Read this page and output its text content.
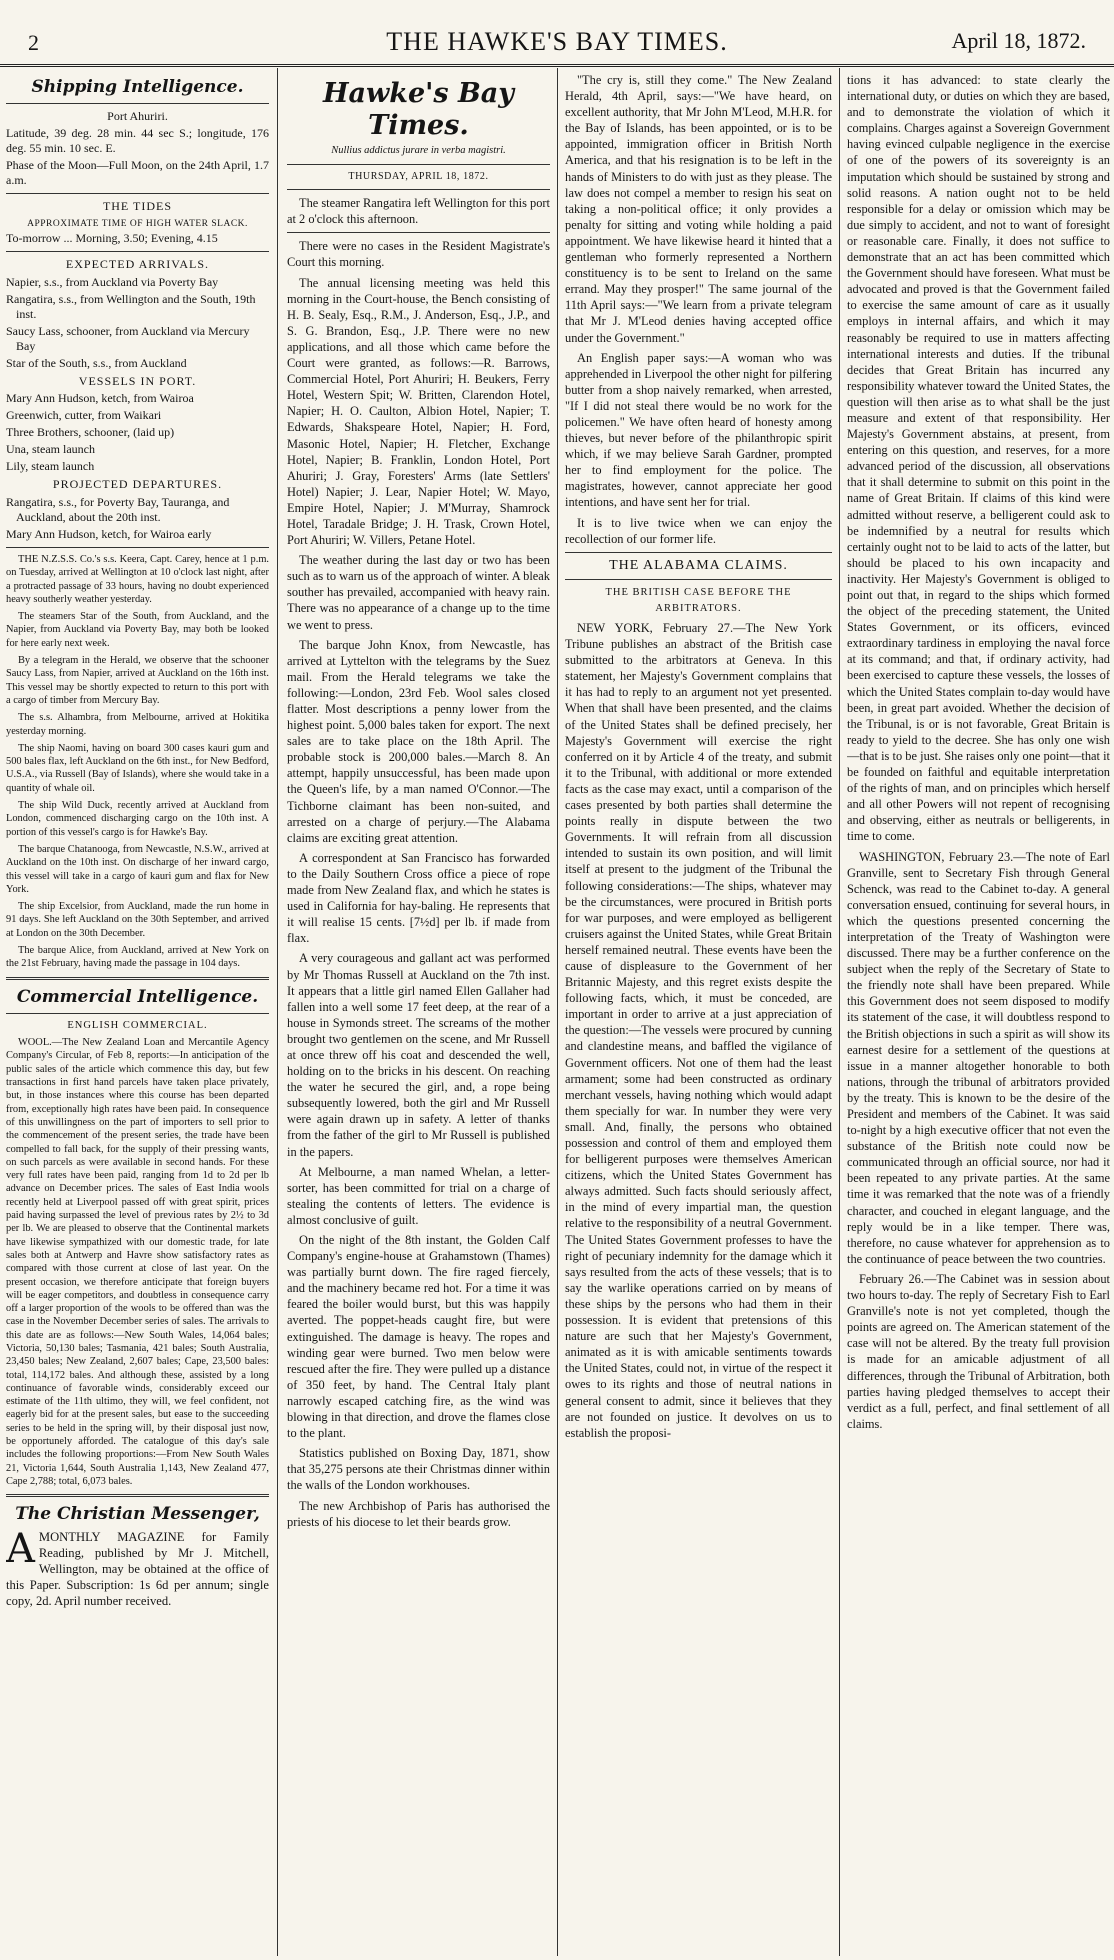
2	THE HAWKE'S BAY TIMES.	April 18, 1872.
Shipping Intelligence.

Port Ahuriri.

Latitude, 39 deg. 28 min. 44 sec S.; longitude, 176 deg. 55 min. 10 sec. E.

Phase of the Moon—Full Moon, on the 24th April, 1.7 a.m.

THE TIDES
APPROXIMATE TIME OF HIGH WATER SLACK.

To-morrow ... Morning, 3.50; Evening, 4.15

EXPECTED ARRIVALS.

Napier, s.s., from Auckland via Poverty Bay

Rangatira, s.s., from Wellington and the South, 19th inst.

Saucy Lass, schooner, from Auckland via Mercury Bay

Star of the South, s.s., from Auckland

VESSELS IN PORT.

Mary Ann Hudson, ketch, from Wairoa

Greenwich, cutter, from Waikari

Three Brothers, schooner, (laid up)

Una, steam launch

Lily, steam launch

PROJECTED DEPARTURES.

Rangatira, s.s., for Poverty Bay, Tauranga, and Auckland, about the 20th inst.

Mary Ann Hudson, ketch, for Wairoa early

THE N.Z.S.S. Co.'s s.s. Keera, Capt. Carey, hence at 1 p.m. on Tuesday, arrived at Wellington at 10 o'clock last night, after a protracted passage of 33 hours, having no doubt experienced heavy southerly weather yesterday.

The steamers Star of the South, from Auckland, and the Napier, from Auckland via Poverty Bay, may both be looked for here early next week.

By a telegram in the Herald, we observe that the schooner Saucy Lass, from Napier, arrived at Auckland on the 16th inst. This vessel may be shortly expected to return to this port with a cargo of timber from Mercury Bay.

The s.s. Alhambra, from Melbourne, arrived at Hokitika yesterday morning.

The ship Naomi, having on board 300 cases kauri gum and 500 bales flax, left Auckland on the 6th inst., for New Bedford, U.S.A., via Russell (Bay of Islands), where she would take in a quantity of whale oil.

The ship Wild Duck, recently arrived at Auckland from London, commenced discharging cargo on the 10th inst. A portion of this vessel's cargo is for Hawke's Bay.

The barque Chatanooga, from Newcastle, N.S.W., arrived at Auckland on the 10th inst. On discharge of her inward cargo, this vessel will take in a cargo of kauri gum and flax for New York.

The ship Excelsior, from Auckland, made the run home in 91 days. She left Auckland on the 30th September, and arrived at London on the 30th December.

The barque Alice, from Auckland, arrived at New York on the 21st February, having made the passage in 104 days.

Commercial Intelligence.
ENGLISH COMMERCIAL.

WOOL.—The New Zealand Loan and Mercantile Agency Company's Circular, of Feb 8, reports:—In anticipation of the public sales of the article which commence this day, but few transactions in first hand parcels have taken place privately, but, in those instances where this course has been departed from, exceptionally high rates have been paid. In consequence of this unwillingness on the part of importers to sell prior to the commencement of the present series, the trade have been compelled to fall back, for the supply of their pressing wants, on such parcels as were available in second hands. For these very full rates have been paid, ranging from 1d to 2d per lb advance on December prices. The sales of East India wools recently held at Liverpool passed off with great spirit, prices paid having surpassed the level of previous rates by 2½ to 3d per lb. We are pleased to observe that the Continental markets have likewise sympathized with our domestic trade, for late sales both at Antwerp and Havre show satisfactory rates as compared with those current at close of last year. On the present occasion, we therefore anticipate that foreign buyers will be eager competitors, and doubtless in consequence carry off a larger proportion of the wools to be offered than was the case in the November December series of sales. The arrivals to this date are as follows:—New South Wales, 14,064 bales; Victoria, 50,130 bales; Tasmania, 421 bales; South Australia, 23,450 bales; New Zealand, 2,607 bales; Cape, 23,500 bales: total, 114,172 bales. And although these, assisted by a long continuance of favorable winds, considerably exceed our estimate of the 11th ultimo, they will, we feel confident, not eagerly bid for at the present sales, but ease to the succeeding series to be held in the spring will, by their disposal just now, be opportunely afforded. The catalogue of this day's sale includes the following proportions:—From New South Wales 21, Victoria 1,644, South Australia 1,143, New Zealand 477, Cape 2,788; total, 6,073 bales.

The Christian Messenger,
A MONTHLY MAGAZINE for Family Reading, published by Mr J. Mitchell, Wellington, may be obtained at the office of this Paper. Subscription: 1s 6d per annum; single copy, 2d. April number received.

Hawke's Bay Times.
Nullius addictus jurare in verba magistri.
THURSDAY, APRIL 18, 1872.

The steamer Rangatira left Wellington for this port at 2 o'clock this afternoon.

There were no cases in the Resident Magistrate's Court this morning.

The annual licensing meeting was held this morning in the Court-house, the Bench consisting of H. B. Sealy, Esq., R.M., J. Anderson, Esq., J.P., and S. G. Brandon, Esq., J.P. There were no new applications, and all those which came before the Court were granted, as follows:—R. Barrows, Commercial Hotel, Port Ahuriri; H. Beukers, Ferry Hotel, Western Spit; W. Britten, Clarendon Hotel, Napier; H. O. Caulton, Albion Hotel, Napier; T. Edwards, Shakspeare Hotel, Napier; H. Ford, Masonic Hotel, Napier; H. Fletcher, Exchange Hotel, Napier; B. Franklin, London Hotel, Port Ahuriri; J. Gray, Foresters' Arms (late Settlers' Hotel) Napier; J. Lear, Napier Hotel; W. Mayo, Empire Hotel, Napier; J. M'Murray, Shamrock Hotel, Taradale Bridge; J. H. Trask, Crown Hotel, Port Ahuriri; W. Villers, Petane Hotel.

The weather during the last day or two has been such as to warn us of the approach of winter. A bleak souther has prevailed, accompanied with heavy rain. There was no appearance of a change up to the time we went to press.

The barque John Knox, from Newcastle, has arrived at Lyttelton with the telegrams by the Suez mail. From the Herald telegrams we take the following:—London, 23rd Feb. Wool sales closed flatter. Most descriptions a penny lower from the highest point. 5,000 bales taken for export. The next sales are to take place on the 18th April. The probable stock is 200,000 bales.—March 8. An attempt, happily unsuccessful, has been made upon the Queen's life, by a man named O'Connor.—The Tichborne claimant has been non-suited, and arrested on a charge of perjury.—The Alabama claims are exciting great attention.

A correspondent at San Francisco has forwarded to the Daily Southern Cross office a piece of rope made from New Zealand flax, and which he states is used in California for hay-baling. He represents that it will realise 15 cents. [7½d] per lb. if made from flax.

A very courageous and gallant act was performed by Mr Thomas Russell at Auckland on the 7th inst. It appears that a little girl named Ellen Gallaher had fallen into a well some 17 feet deep, at the rear of a house in Symonds street. The screams of the mother brought two gentlemen on the scene, and Mr Russell at once threw off his coat and descended the well, holding on to the bricks in his descent. On reaching the water he secured the girl, and, a rope being subsequently lowered, both the girl and Mr Russell were again drawn up in safety. A letter of thanks from the father of the girl to Mr Russell is published in the papers.

At Melbourne, a man named Whelan, a letter-sorter, has been committed for trial on a charge of stealing the contents of letters. The evidence is almost conclusive of guilt.

On the night of the 8th instant, the Golden Calf Company's engine-house at Grahamstown (Thames) was partially burnt down. The fire raged fiercely, and the machinery became red hot. For a time it was feared the boiler would burst, but this was happily averted. The poppet-heads caught fire, but were extinguished. The damage is heavy. The ropes and winding gear were burned. Two men below were rescued after the fire. They were pulled up a distance of 350 feet, by hand. The Central Italy plant narrowly escaped catching fire, as the wind was blowing in that direction, and drove the flames close to the plant.

Statistics published on Boxing Day, 1871, show that 35,275 persons ate their Christmas dinner within the walls of the London workhouses.

The new Archbishop of Paris has authorised the priests of his diocese to let their beards grow.

"The cry is, still they come." The New Zealand Herald, 4th April, says:—"We have heard, on excellent authority, that Mr John M'Leod, M.H.R. for the Bay of Islands, has been appointed, or is to be appointed, immigration officer in British North America, and that his resignation is to be left in the hands of Ministers to do with just as they please. The law does not compel a member to resign his seat on taking a non-political office; it only provides a penalty for sitting and voting while holding a paid appointment. We have likewise heard it hinted that a gentleman who formerly represented a Northern constituency is to be sent to Ireland on the same errand. May they prosper!" The same journal of the 11th April says:—"We learn from a private telegram that Mr J. M'Leod denies having accepted office under the Government."

An English paper says:—A woman who was apprehended in Liverpool the other night for pilfering butter from a shop naively remarked, when arrested, "If I did not steal there would be no work for the policemen." We have often heard of honesty among thieves, but never before of the philanthropic spirit which, if we may believe Sarah Gardner, prompted her to find employment for the police. The magistrates, however, cannot appreciate her good intentions, and have sent her for trial.

It is to live twice when we can enjoy the recollection of our former life.

THE ALABAMA CLAIMS.
THE BRITISH CASE BEFORE THE ARBITRATORS.

NEW YORK, February 27.—The New York Tribune publishes an abstract of the British case submitted to the arbitrators at Geneva. In this statement, her Majesty's Government complains that it has had to reply to an argument not yet presented. When that shall have been presented, and the claims of the United States shall be defined precisely, her Majesty's Government will exercise the right conferred on it by Article 4 of the treaty, and submit it to the Tribunal, with additional or more extended facts as the case may exact, until a comparison of the cases presented by both parties shall determine the points really in dispute between the two Governments. It will refrain from all discussion intended to sustain its own position, and will limit itself at present to the judgment of the Tribunal the following considerations:—The ships, whatever may be the circumstances, were procured in British ports for war purposes, and were employed as belligerent cruisers against the United States, while Great Britain herself remained neutral. These events have been the cause of displeasure to the Government of her Britannic Majesty, and this regret exists despite the following facts, which, it must be conceded, are important in order to arrive at a just appreciation of the question:—The vessels were procured by cunning and clandestine means, and baffled the vigilance of Government officers. Not one of them had the least armament; some had been constructed as ordinary merchant vessels, having nothing which would adapt them specially for war. In number they were very small. And, finally, the persons who obtained possession and control of them and employed them for belligerent purposes were themselves American citizens, which the United States Government has always admitted. Such facts should seriously affect, in the mind of every impartial man, the question relative to the responsibility of a neutral Government. The United States Government professes to have the right of pecuniary indemnity for the damage which it says resulted from the acts of these vessels; that is to say the warlike operations carried on by means of these ships by the persons who had them in their possession. It is evident that pretensions of this nature are such that her Majesty's Government, animated as it is with amicable sentiments towards the United States, could not, in virtue of the respect it owes to its rights and those of neutral nations in general consent to admit, since it believes that they are not founded on justice. It devolves on us to establish the proposi-

tions it has advanced: to state clearly the international duty, or duties on which they are based, and to demonstrate the violation of which it complains. Charges against a Sovereign Government having evinced culpable negligence in the exercise of one of the powers of its sovereignty is an imputation which should be sustained by strong and solid reasons. A nation ought not to be held responsible for a delay or omission which may be due simply to accident, and not to want of foresight or reasonable care. Finally, it does not suffice to demonstrate that an act has been committed which the Government should have foreseen. What must be advocated and proved is that the Government failed to exercise the same amount of care as it usually employs in internal affairs, and which it may reasonably be required to use in matters affecting international interests and duties. If the tribunal decides that Great Britain has incurred any responsibility whatever toward the United States, the question will then arise as to what shall be the just measure and extent of that responsibility. Her Majesty's Government abstains, at present, from entering on this question, and reserves, for a more advanced period of the discussion, all observations that it shall determine to submit on this point in the name of Great Britain. If claims of this kind were admitted without reserve, a belligerent could ask to be indemnified by a neutral for results which certainly ought not to be laid to acts of the latter, but should be placed to his own incapacity and inactivity. Her Majesty's Government is obliged to point out that, in regard to the ships which formed the object of the preceding statement, the United States Government, or its officers, evinced extraordinary tardiness in employing the naval force at its command; and that, if ordinary activity, had been exercised to capture these vessels, the losses of which the United States complain to-day would have been, in great part avoided. Whether the decision of the Tribunal, is or is not favorable, Great Britain is ready to yield to the decree. She has only one wish—that is to be just. She raises only one point—that it be founded on faithful and equitable interpretation of the rights of man, and on principles which herself and all other Powers will not repent of recognising and observing, either as neutrals or belligerents, in time to come.

WASHINGTON, February 23.—The note of Earl Granville, sent to Secretary Fish through General Schenck, was read to the Cabinet to-day. A general conversation ensued, continuing for several hours, in which the questions presented concerning the interpretation of the Treaty of Washington were discussed. There may be a further conference on the subject when the reply of the Secretary of State to the friendly note shall have been prepared. While this Government does not seem disposed to modify its statement of the case, it will doubtless respond to the British objections in such a spirit as will show its earnest desire for a settlement of the questions at issue in a manner altogether honorable to both nations, through the tribunal of arbitrators provided by the treaty. This is known to be the desire of the President and members of the Cabinet. It was said to-night by a high executive officer that not even the substance of the British note could now be communicated through an official source, nor had it been repeated to any private parties. At the same time it was remarked that the note was of a friendly character, and couched in elegant language, and the reply would be in a like temper. There was, therefore, no cause whatever for apprehension as to the continuance of peace between the two countries.

February 26.—The Cabinet was in session about two hours to-day. The reply of Secretary Fish to Earl Granville's note is not yet completed, though the points are agreed on. The American statement of the case will not be altered. By the treaty full provision is made for an amicable adjustment of all differences, through the Tribunal of Arbitration, both parties having pledged themselves to accept their verdict as a full, perfect, and final settlement of all claims.
